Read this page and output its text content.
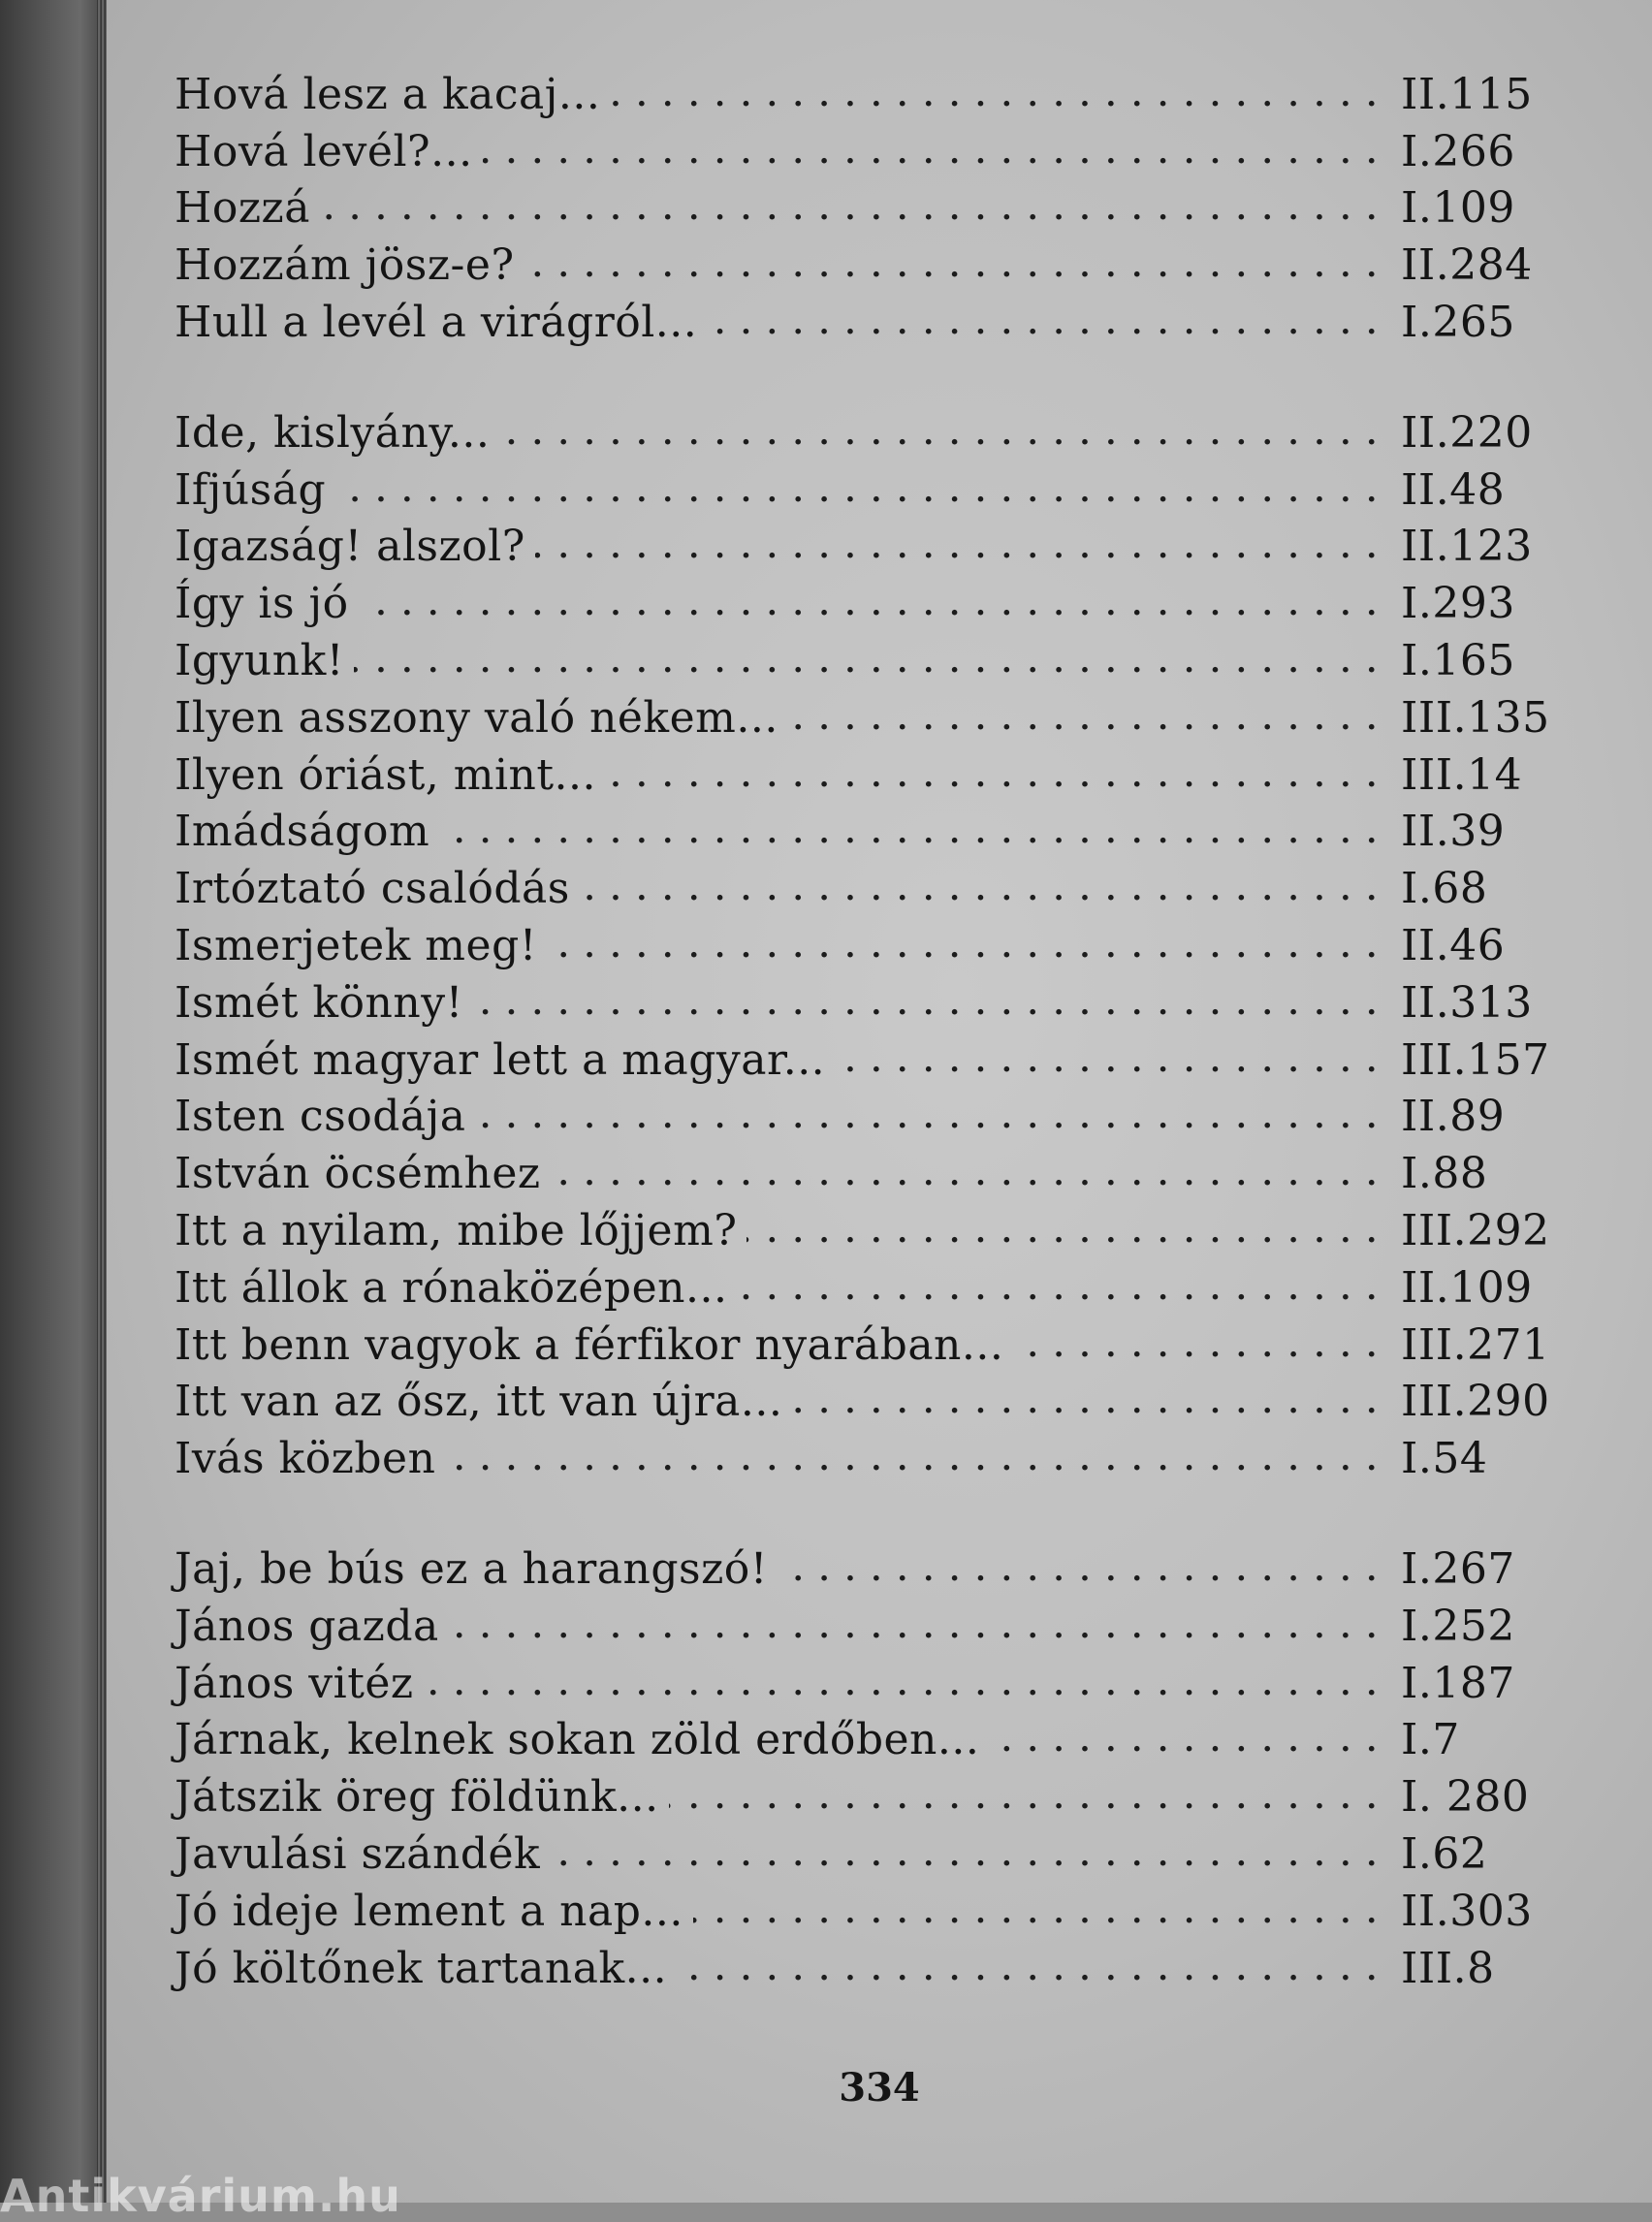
Hová lesz a kacaj... . . .	II.115
Hová levél?... . . .	I.266
Hozzá . . .	I.109
Hozzám jösz-e? . . .	II.284
Hull a levél a virágról... . . .	I.265
Ide, kislyány... . . .	II.220
Ifjúság . . .	II.48
Igazság! alszol? . . .	II.123
Így is jó . . .	I.293
Igyunk! . . .	I.165
Ilyen asszony való nékem... . . .	III.135
Ilyen óriást, mint... . . .	III.14
Imádságom . . .	II.39
Irtóztató csalódás . . .	I.68
Ismerjetek meg! . . .	II.46
Ismét könny! . . .	II.313
Ismét magyar lett a magyar... . . .	III.157
Isten csodája . . .	II.89
István öcsémhez . . .	I.88
Itt a nyilam, mibe lőjjem? . . .	III.292
Itt állok a rónaközépen... . . .	II.109
Itt benn vagyok a férfikor nyarában... . . .	III.271
Itt van az ősz, itt van újra... . . .	III.290
Ivás közben . . .	I.54
Jaj, be bús ez a harangszó! . . .	I.267
János gazda . . .	I.252
János vitéz . . .	I.187
Járnak, kelnek sokan zöld erdőben... . . .	I.7
Játszik öreg földünk... . . .	I. 280
Javulási szándék . . .	I.62
Jó ideje lement a nap... . . .	II.303
Jó költőnek tartanak... . . .	III.8
334
Antikvárium.hu
